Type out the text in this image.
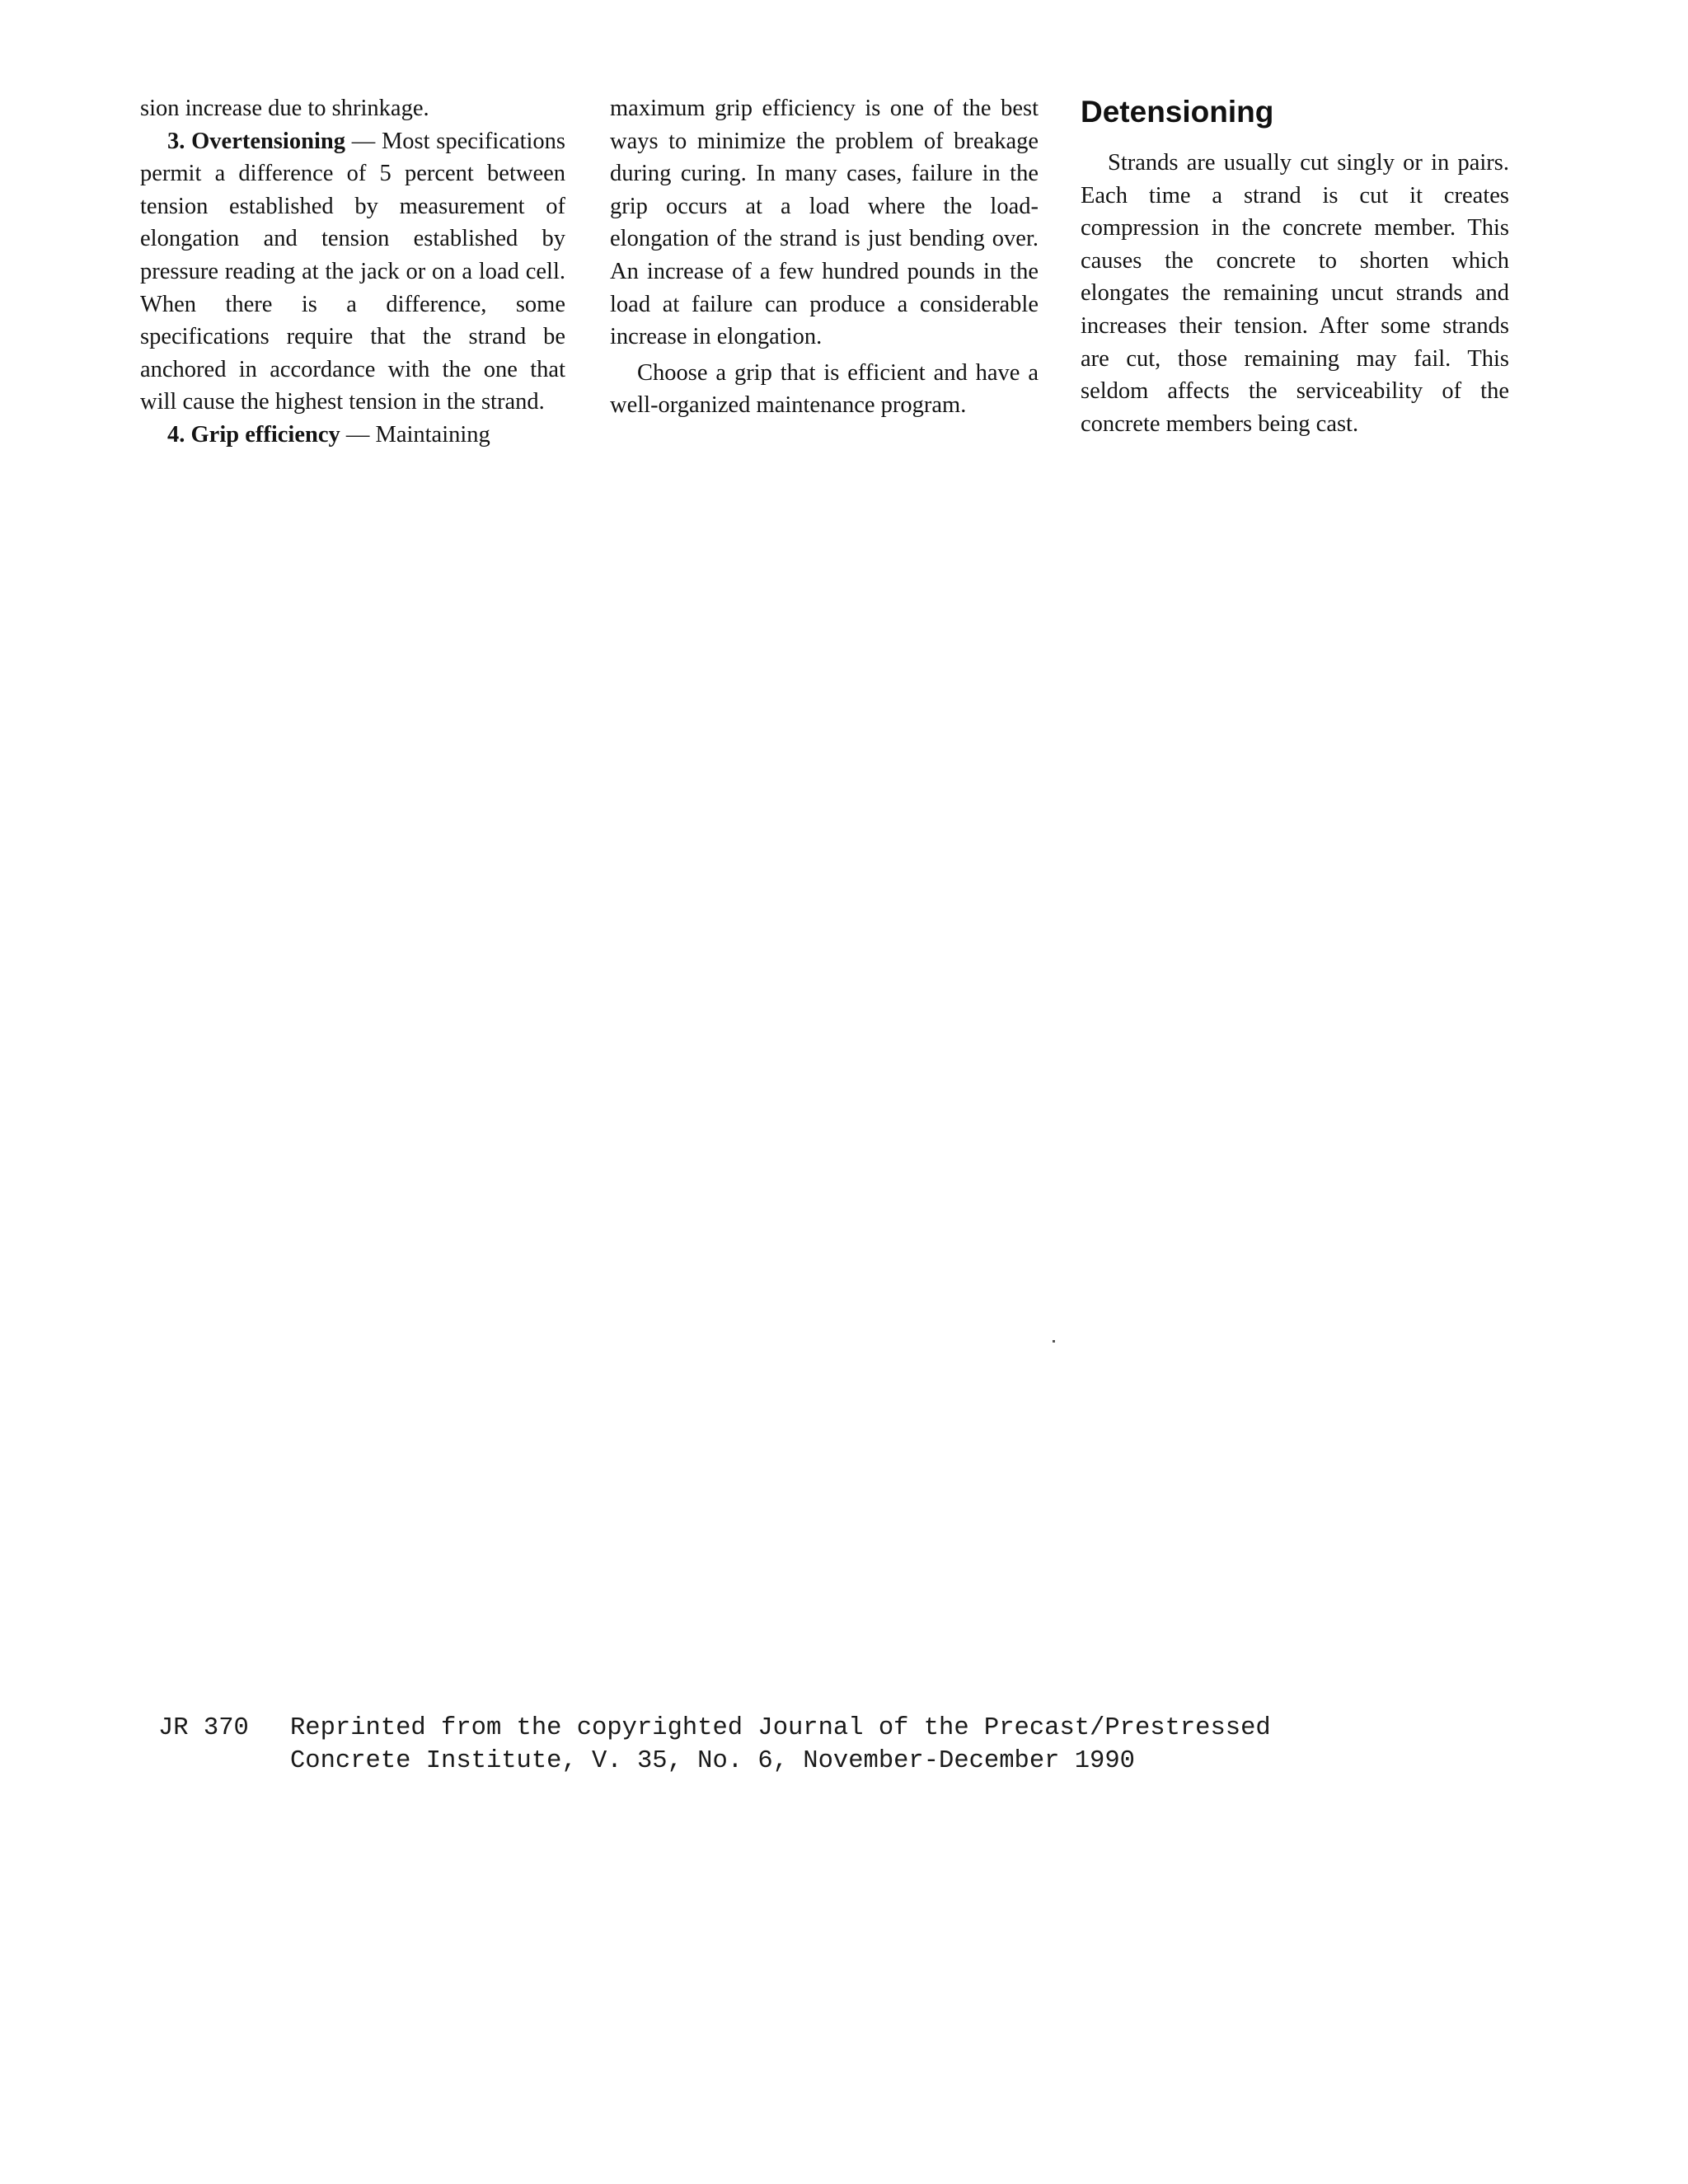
sion increase due to shrinkage.

3. Overtensioning — Most specifications permit a difference of 5 percent between tension established by measurement of elongation and tension established by pressure reading at the jack or on a load cell. When there is a difference, some specifications require that the strand be anchored in accordance with the one that will cause the highest tension in the strand.

4. Grip efficiency — Maintaining

maximum grip efficiency is one of the best ways to minimize the problem of breakage during curing. In many cases, failure in the grip occurs at a load where the load-elongation of the strand is just bending over. An increase of a few hundred pounds in the load at failure can produce a considerable increase in elongation.

Choose a grip that is efficient and have a well-organized maintenance program.

Detensioning

Strands are usually cut singly or in pairs. Each time a strand is cut it creates compression in the concrete member. This causes the concrete to shorten which elongates the remaining uncut strands and increases their tension. After some strands are cut, those remaining may fail. This seldom affects the serviceability of the concrete members being cast.

JR 370 Reprinted from the copyrighted Journal of the Precast/Prestressed
Concrete Institute, V. 35, No. 6, November-December 1990
